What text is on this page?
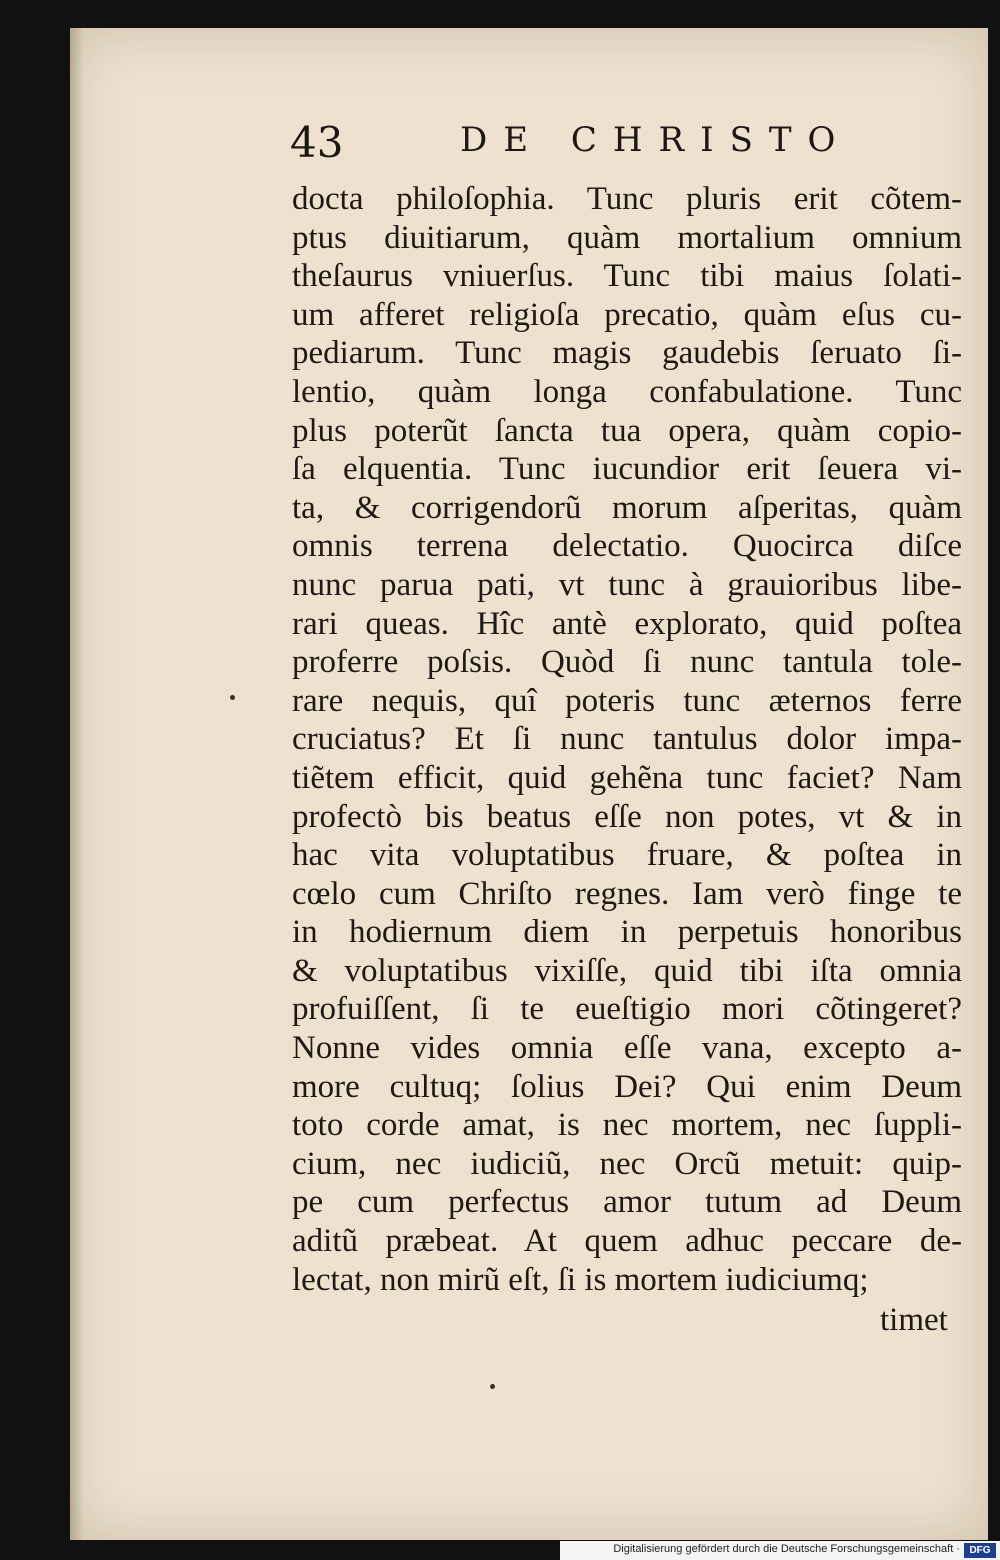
43	DE CHRISTO
docta philoſophia. Tunc pluris erit cõtem-
ptus diuitiarum, quàm mortalium omnium
theſaurus vniuerſus. Tunc tibi maius ſolati-
um afferet religioſa precatio, quàm eſus cu-
pediarum. Tunc magis gaudebis ſeruato ſi-
lentio, quàm longa confabulatione. Tunc
plus poterũt ſancta tua opera, quàm copio-
ſa elquentia. Tunc iucundior erit ſeuera vi-
ta, & corrigendorũ morum aſperitas, quàm
omnis terrena delectatio. Quocirca diſce
nunc parua pati, vt tunc à grauioribus libe-
rari queas. Hîc antè explorato, quid poſtea
proferre poſsis. Quòd ſi nunc tantula tole-
rare nequis, quî poteris tunc æternos ferre
cruciatus? Et ſi nunc tantulus dolor impa-
tiẽtem efficit, quid gehẽna tunc faciet? Nam
profectò bis beatus eſſe non potes, vt & in
hac vita voluptatibus fruare, & poſtea in
cœlo cum Chriſto regnes. Iam verò finge te
in hodiernum diem in perpetuis honoribus
& voluptatibus vixiſſe, quid tibi iſta omnia
profuiſſent, ſi te eueſtigio mori cõtingeret?
Nonne vides omnia eſſe vana, excepto a-
more cultuq; ſolius Dei? Qui enim Deum
toto corde amat, is nec mortem, nec ſuppli-
cium, nec iudiciũ, nec Orcũ metuit: quip-
pe cum perfectus amor tutum ad Deum
aditũ præbeat. At quem adhuc peccare de-
lectat, non mirũ eſt, ſi is mortem iudiciumq;
timet
Digitalisierung gefördert durch die Deutsche Forschungsgemeinschaft · DFG
